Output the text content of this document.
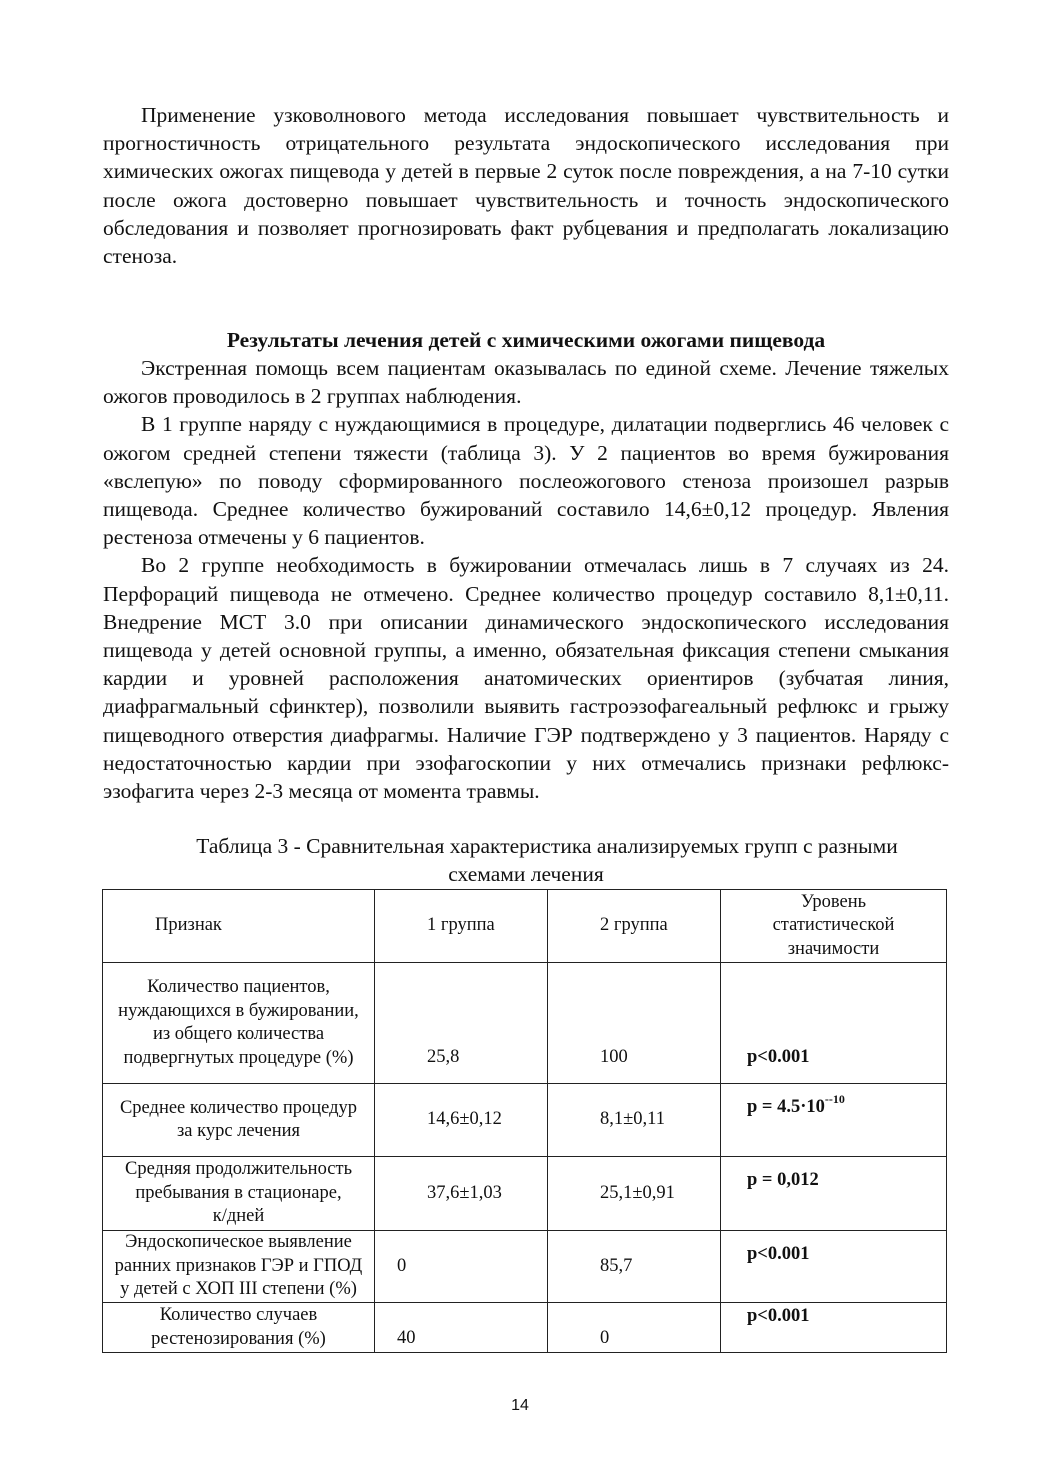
Применение узковолнового метода исследования повышает чувствительность и прогностичность отрицательного результата эндоскопического исследования при химических ожогах пищевода у детей в первые 2 суток после повреждения, а на 7-10 сутки после ожога достоверно повышает чувствительность и точность эндоскопического обследования и позволяет прогнозировать факт рубцевания и предполагать локализацию стеноза.

Результаты лечения детей с химическими ожогами пищевода

Экстренная помощь всем пациентам оказывалась по единой схеме. Лечение тяжелых ожогов проводилось в 2 группах наблюдения.

В 1 группе наряду с нуждающимися в процедуре, дилатации подверглись 46 человек с ожогом средней степени тяжести (таблица 3). У 2 пациентов во время бужирования «вслепую» по поводу сформированного послеожогового стеноза произошел разрыв пищевода. Среднее количество бужирований составило 14,6±0,12 процедур. Явления рестеноза отмечены у 6 пациентов.

Во 2 группе необходимость в бужировании отмечалась лишь в 7 случаях из 24. Перфораций пищевода не отмечено. Среднее количество процедур составило 8,1±0,11. Внедрение МСТ 3.0 при описании динамического эндоскопического исследования пищевода у детей основной группы, а именно, обязательная фиксация степени смыкания кардии и уровней расположения анатомических ориентиров (зубчатая линия, диафрагмальный сфинктер), позволили выявить гастроэзофагеальный рефлюкс и грыжу пищеводного отверстия диафрагмы. Наличие ГЭР подтверждено у 3 пациентов. Наряду с недостаточностью кардии при эзофагоскопии у них отмечались признаки рефлюкс-эзофагита через 2-3 месяца от момента травмы.

Таблица 3 - Сравнительная характеристика анализируемых групп с разными
схемами лечения
Признак	1 группа	2 группа	Уровень
статистической
значимости

Количество пациентов,
нуждающихся в бужировании,
из общего количества
подвергнутых процедуре (%)	25,8	100	p<0.001

Среднее количество процедур
за курс лечения	14,6±0,12	8,1±0,11	$p = 4.5\cdot 10^{--10}$

Средняя продолжительность
пребывания в стационаре,
к/дней	37,6±1,03	25,1±0,91	p = 0,012

Эндоскопическое выявление
ранних признаков ГЭР и ГПОД
у детей с ХОП III степени (%)	0	85,7	p<0.001

Количество случаев
рестенозирования (%)	40	0	p<0.001
14
